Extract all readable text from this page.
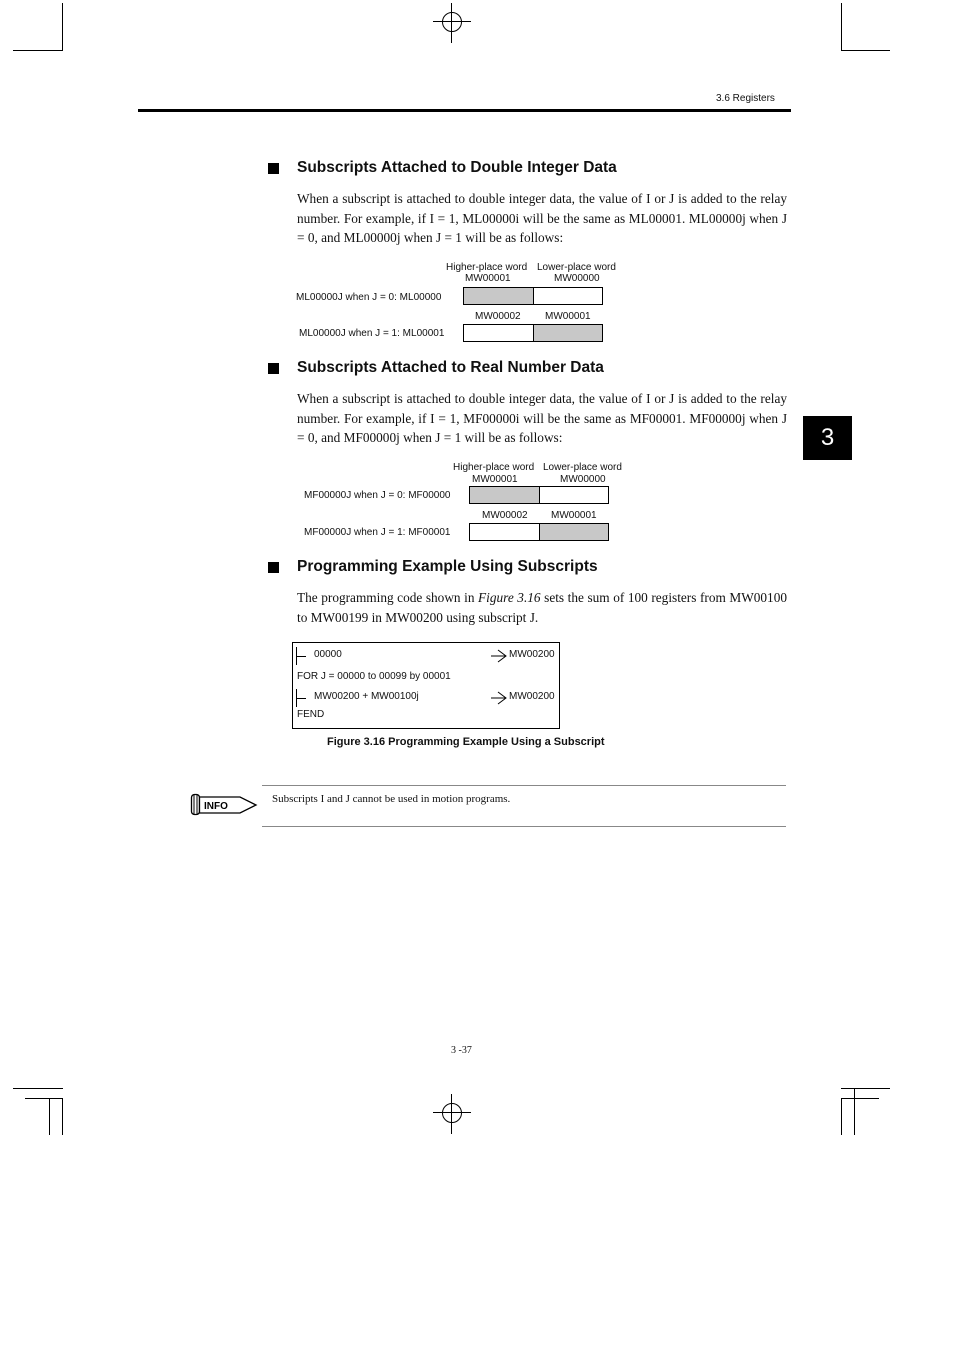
3.6 Registers
3
Subscripts Attached to Double Integer Data
When a subscript is attached to double integer data, the value of I or J is added to the relay number. For example, if I = 1, ML00000i will be the same as ML00001. ML00000j when J = 0, and ML00000j when J = 1 will be as follows:
Higher-place word Lower-place word
MW00001	MW00000
ML00000J when J = 0: ML00000
MW00002 MW00001
ML00000J when J = 1: ML00001
Subscripts Attached to Real Number Data
When a subscript is attached to double integer data, the value of I or J is added to the relay number. For example, if I = 1, MF00000i will be the same as MF00001. MF00000j when J = 0, and MF00000j when J = 1 will be as follows:
Higher-place word Lower-place word
MW00001	MW00000
MF00000J when J = 0: MF00000
MW00002 MW00001
MF00000J when J = 1: MF00001
Programming Example Using Subscripts
The programming code shown in Figure 3.16 sets the sum of 100 registers from MW00100 to MW00199 in MW00200 using subscript J.
00000	MW00200
FOR J = 00000 to 00099 by 00001
MW00200 + MW00100j	MW00200
FEND
Figure 3.16 Programming Example Using a Subscript
INFO
Subscripts I and J cannot be used in motion programs.
3 -37
